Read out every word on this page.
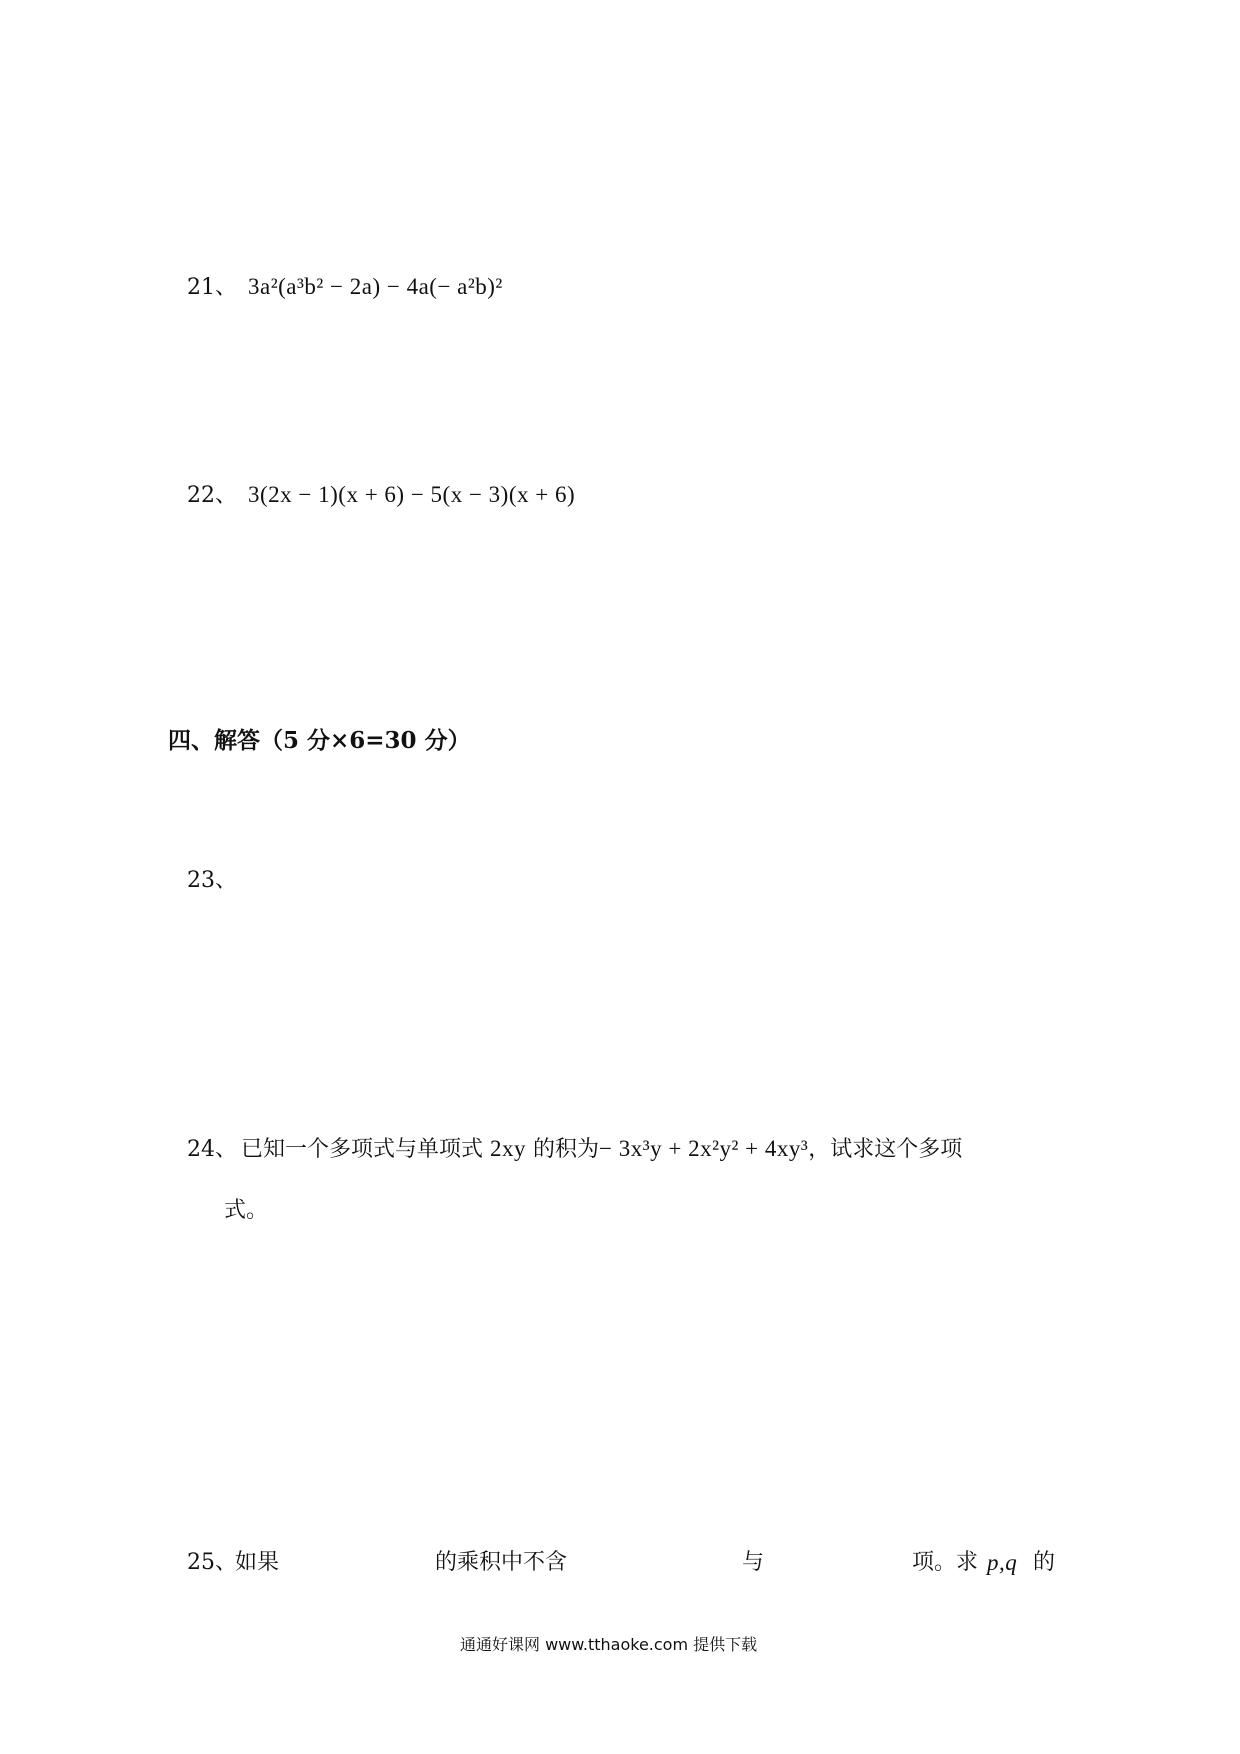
21、 3a²(a³b² − 2a) − 4a(− a²b)²
22、 3(2x − 1)(x + 6) − 5(x − 3)(x + 6)
四、解答（5 分×6=30 分）
23、
24、 已知一个多项式与单项式 2xy 的积为− 3x³y + 2x²y² + 4xy³，试求这个多项
式。
25、
如果	的乘积中不含	与	项。求 p,q 的
通通好课网 www.tthaoke.com 提供下载
